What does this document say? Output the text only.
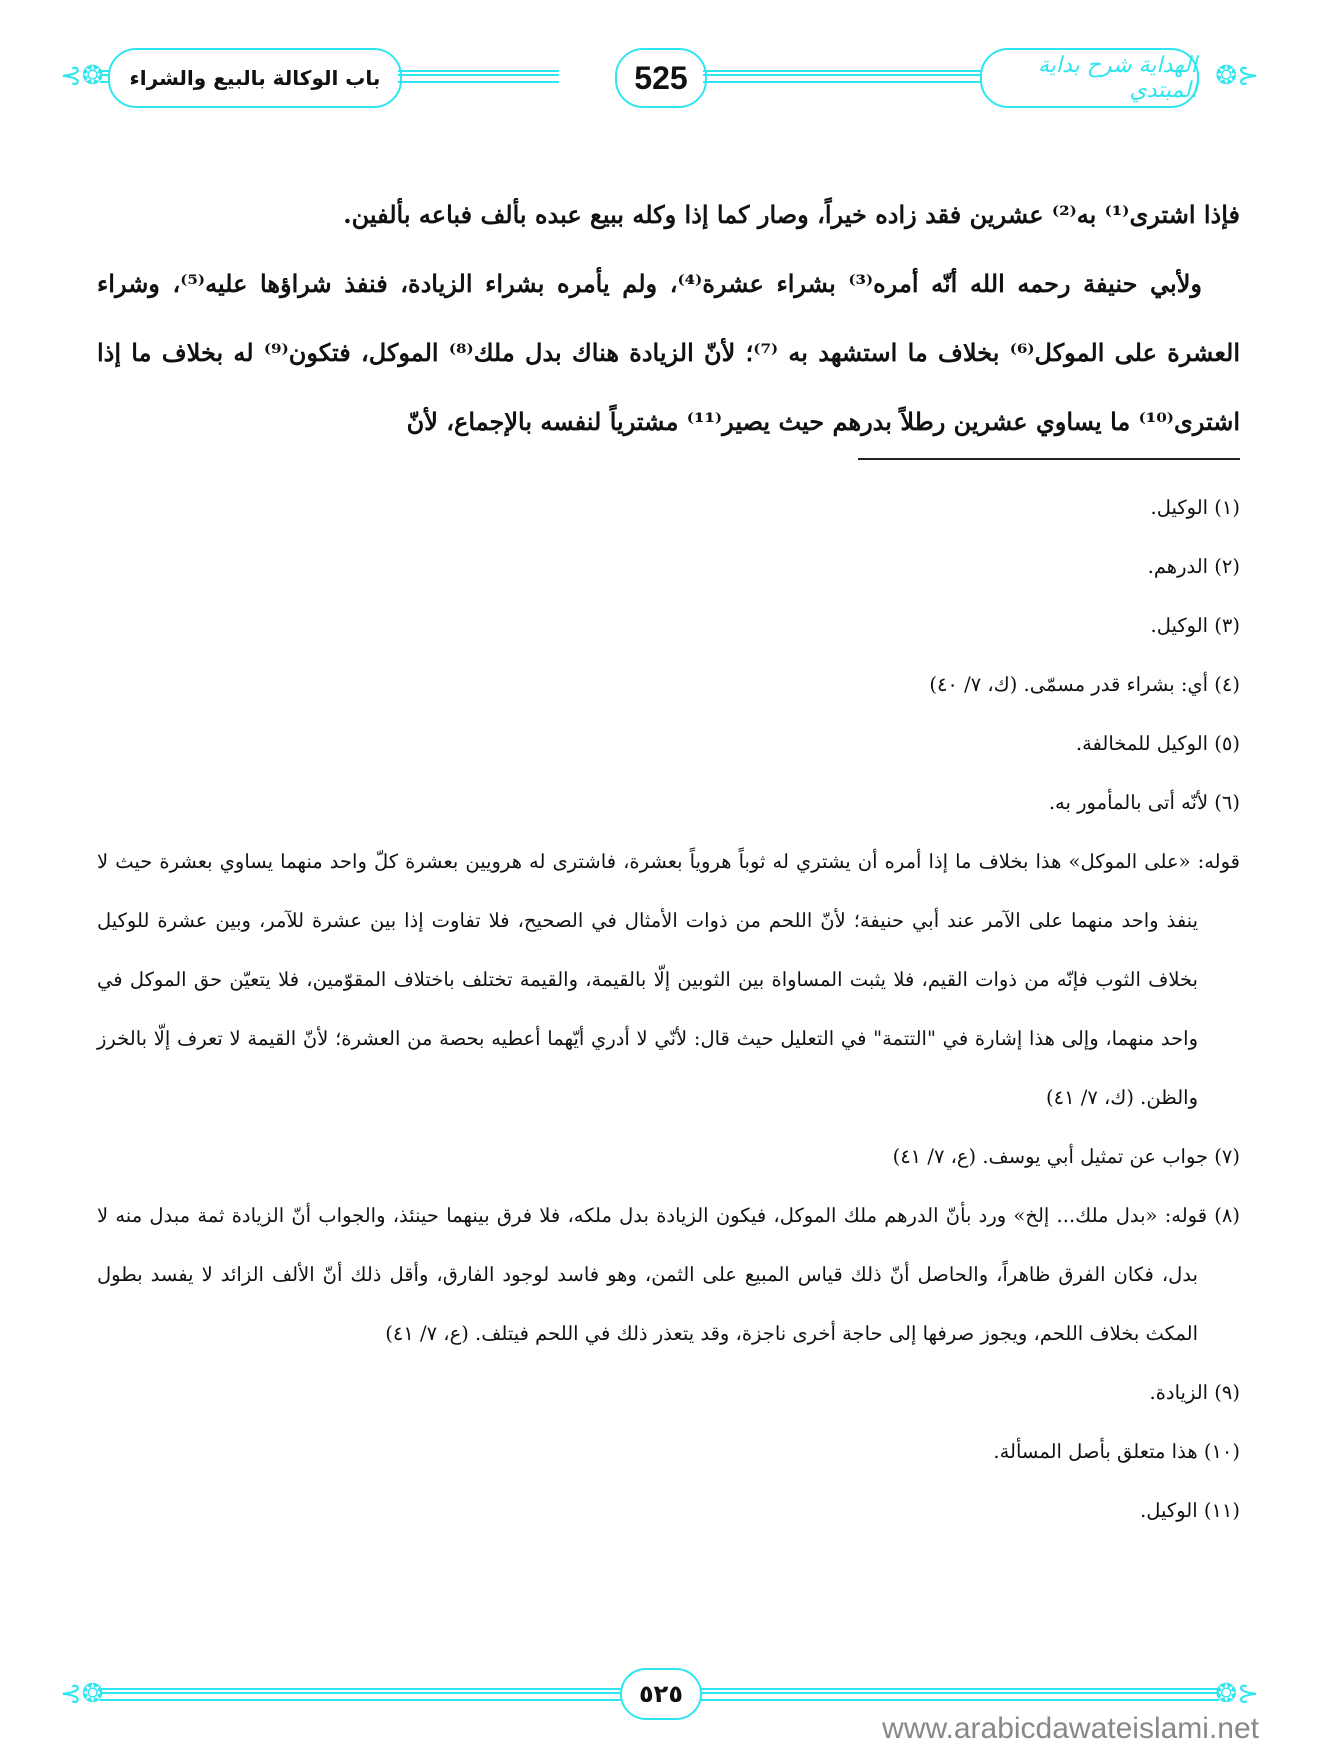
⊰❂ باب الوكالة بالبيع والشراء	525	الهداية شرح بداية المبتدي ❂⊱

فإذا اشترى⁽¹⁾ به⁽²⁾ عشرين فقد زاده خيراً، وصار كما إذا وكله ببيع عبده بألف فباعه بألفين.

ولأبي حنيفة رحمه الله أنّه أمره⁽³⁾ بشراء عشرة⁽⁴⁾، ولم يأمره بشراء الزيادة، فنفذ شراؤها عليه⁽⁵⁾، وشراء العشرة على الموكل⁽⁶⁾ بخلاف ما استشهد به ⁽⁷⁾؛ لأنّ الزيادة هناك بدل ملك⁽⁸⁾ الموكل، فتكون⁽⁹⁾ له بخلاف ما إذا اشترى⁽¹⁰⁾ ما يساوي عشرين رطلاً بدرهم حيث يصير⁽¹¹⁾ مشترياً لنفسه بالإجماع، لأنّ

(١) الوكيل.

(٢) الدرهم.

(٣) الوكيل.

(٤) أي: بشراء قدر مسمّى. (ك، ٧/ ٤٠)

(٥) الوكيل للمخالفة.

(٦) لأنّه أتى بالمأمور به.

قوله: «على الموكل» هذا بخلاف ما إذا أمره أن يشتري له ثوباً هروياً بعشرة، فاشترى له هرويين بعشرة كلّ واحد منهما يساوي بعشرة حيث لا ينفذ واحد منهما على الآمر عند أبي حنيفة؛ لأنّ اللحم من ذوات الأمثال في الصحيح، فلا تفاوت إذا بين عشرة للآمر، وبين عشرة للوكيل بخلاف الثوب فإنّه من ذوات القيم، فلا يثبت المساواة بين الثوبين إلّا بالقيمة، والقيمة تختلف باختلاف المقوّمين، فلا يتعيّن حق الموكل في واحد منهما، وإلى هذا إشارة في "التتمة" في التعليل حيث قال: لأنّي لا أدري أيّهما أعطيه بحصة من العشرة؛ لأنّ القيمة لا تعرف إلّا بالخرز والظن. (ك، ٧/ ٤١)

(٧) جواب عن تمثيل أبي يوسف. (ع، ٧/ ٤١)

(٨) قوله: «بدل ملك... إلخ» ورد بأنّ الدرهم ملك الموكل، فيكون الزيادة بدل ملكه، فلا فرق بينهما حينئذ، والجواب أنّ الزيادة ثمة مبدل منه لا بدل، فكان الفرق ظاهراً، والحاصل أنّ ذلك قياس المبيع على الثمن، وهو فاسد لوجود الفارق، وأقل ذلك أنّ الألف الزائد لا يفسد بطول المكث بخلاف اللحم، ويجوز صرفها إلى حاجة أخرى ناجزة، وقد يتعذر ذلك في اللحم فيتلف. (ع، ٧/ ٤١)

(٩) الزيادة.

(١٠) هذا متعلق بأصل المسألة.

(١١) الوكيل.

⊰❂	٥٢٥	❂⊱
www.arabicdawateislami.net
